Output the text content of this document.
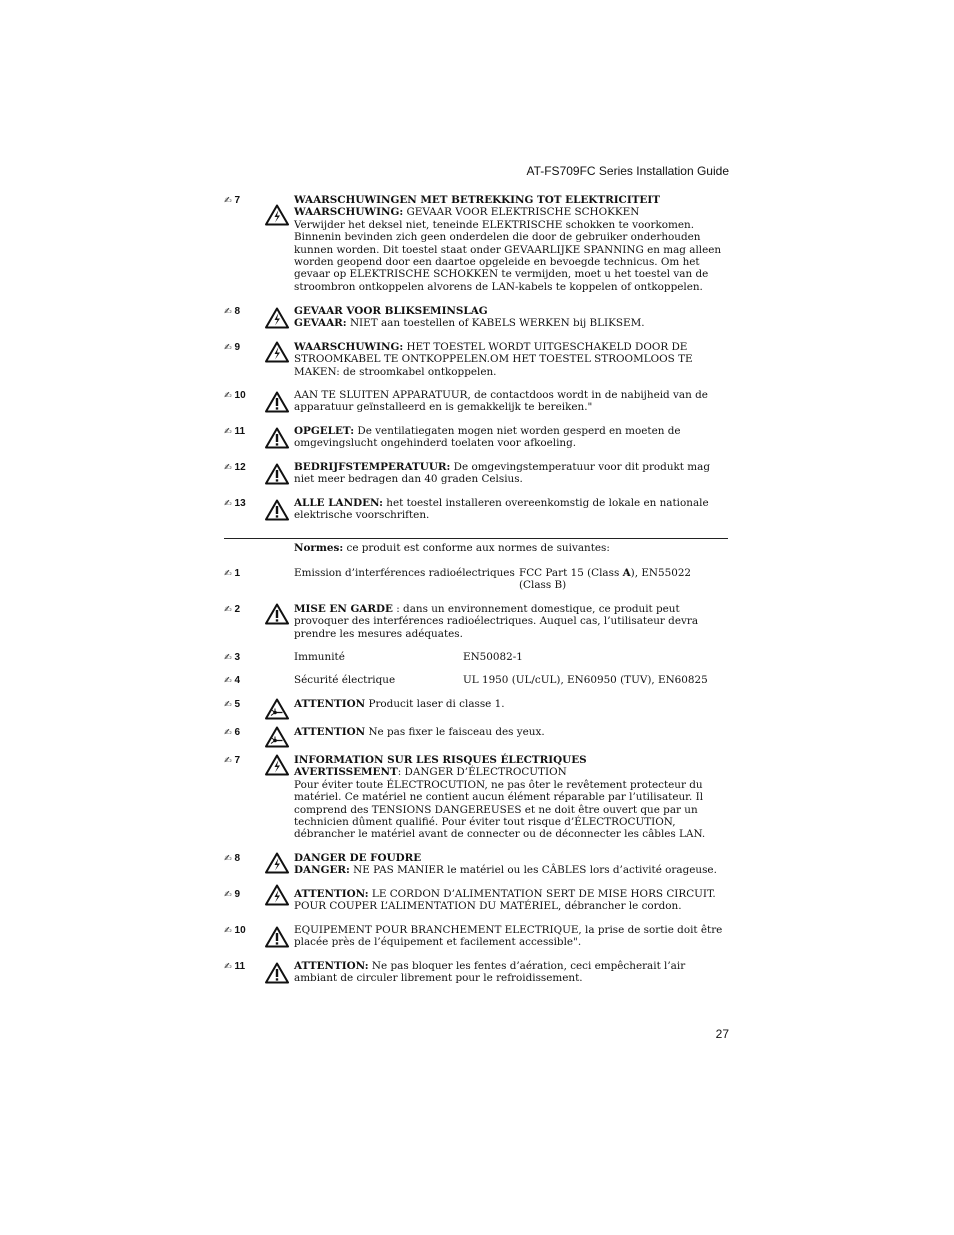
AT-FS709FC Series Installation Guide
✍ 7	WAARSCHUWINGEN MET BETREKKING TOT ELEKTRICITEIT
WAARSCHUWING: GEVAAR VOOR ELEKTRISCHE SCHOKKEN
Verwijder het deksel niet, teneinde ELEKTRISCHE schokken te voorkomen. Binnenin bevinden zich geen onderdelen die door de gebruiker onderhouden kunnen worden. Dit toestel staat onder GEVAARLIJKE SPANNING en mag alleen worden geopend door een daartoe opgeleide en bevoegde technicus. Om het gevaar op ELEKTRISCHE SCHOKKEN te vermijden, moet u het toestel van de stroombron ontkoppelen alvorens de LAN-kabels te koppelen of ontkoppelen.
✍ 8	GEVAAR VOOR BLIKSEMINSLAG
GEVAAR: NIET aan toestellen of KABELS WERKEN bij BLIKSEM.
✍ 9	WAARSCHUWING: HET TOESTEL WORDT UITGESCHAKELD DOOR DE STROOMKABEL TE ONTKOPPELEN.OM HET TOESTEL STROOMLOOS TE MAKEN: de stroomkabel ontkoppelen.
✍ 10	AAN TE SLUITEN APPARATUUR, de contactdoos wordt in de nabijheid van de apparatuur geïnstalleerd en is gemakkelijk te bereiken."
✍ 11	OPGELET: De ventilatiegaten mogen niet worden gesperd en moeten de omgevingslucht ongehinderd toelaten voor afkoeling.
✍ 12	BEDRIJFSTEMPERATUUR: De omgevingstemperatuur voor dit produkt mag niet meer bedragen dan 40 graden Celsius.
✍ 13	ALLE LANDEN: het toestel installeren overeenkomstig de lokale en nationale elektrische voorschriften.
Normes: ce produit est conforme aux normes de suivantes:
✍ 1	Emission d’interférences radioélectriques FCC Part 15 (Class A), EN55022
(Class B)
✍ 2	MISE EN GARDE : dans un environnement domestique, ce produit peut provoquer des interférences radioélectriques. Auquel cas, l’utilisateur devra prendre les mesures adéquates.
✍ 3	Immunité	EN50082-1
✍ 4	Sécurité électrique	UL 1950 (UL/cUL), EN60950 (TUV), EN60825
✍ 5	ATTENTION Producit laser di classe 1.
✍ 6	ATTENTION Ne pas fixer le faisceau des yeux.
✍ 7	INFORMATION SUR LES RISQUES ÉLECTRIQUES
AVERTISSEMENT: DANGER D’ÉLECTROCUTION
Pour éviter toute ÉLECTROCUTION, ne pas ôter le revêtement protecteur du matériel. Ce matériel ne contient aucun élément réparable par l’utilisateur. Il comprend des TENSIONS DANGEREUSES et ne doit être ouvert que par un technicien dûment qualifié. Pour éviter tout risque d’ÉLECTROCUTION, débrancher le matériel avant de connecter ou de déconnecter les câbles LAN.
✍ 8	DANGER DE FOUDRE
DANGER: NE PAS MANIER le matériel ou les CÂBLES lors d’activité orageuse.
✍ 9	ATTENTION: LE CORDON D’ALIMENTATION SERT DE MISE HORS CIRCUIT. POUR COUPER L’ALIMENTATION DU MATÉRIEL, débrancher le cordon.
✍ 10	EQUIPEMENT POUR BRANCHEMENT ELECTRIQUE, la prise de sortie doit être placée près de l’équipement et facilement accessible".
✍ 11	ATTENTION: Ne pas bloquer les fentes d’aération, ceci empêcherait l’air ambiant de circuler librement pour le refroidissement.
27
